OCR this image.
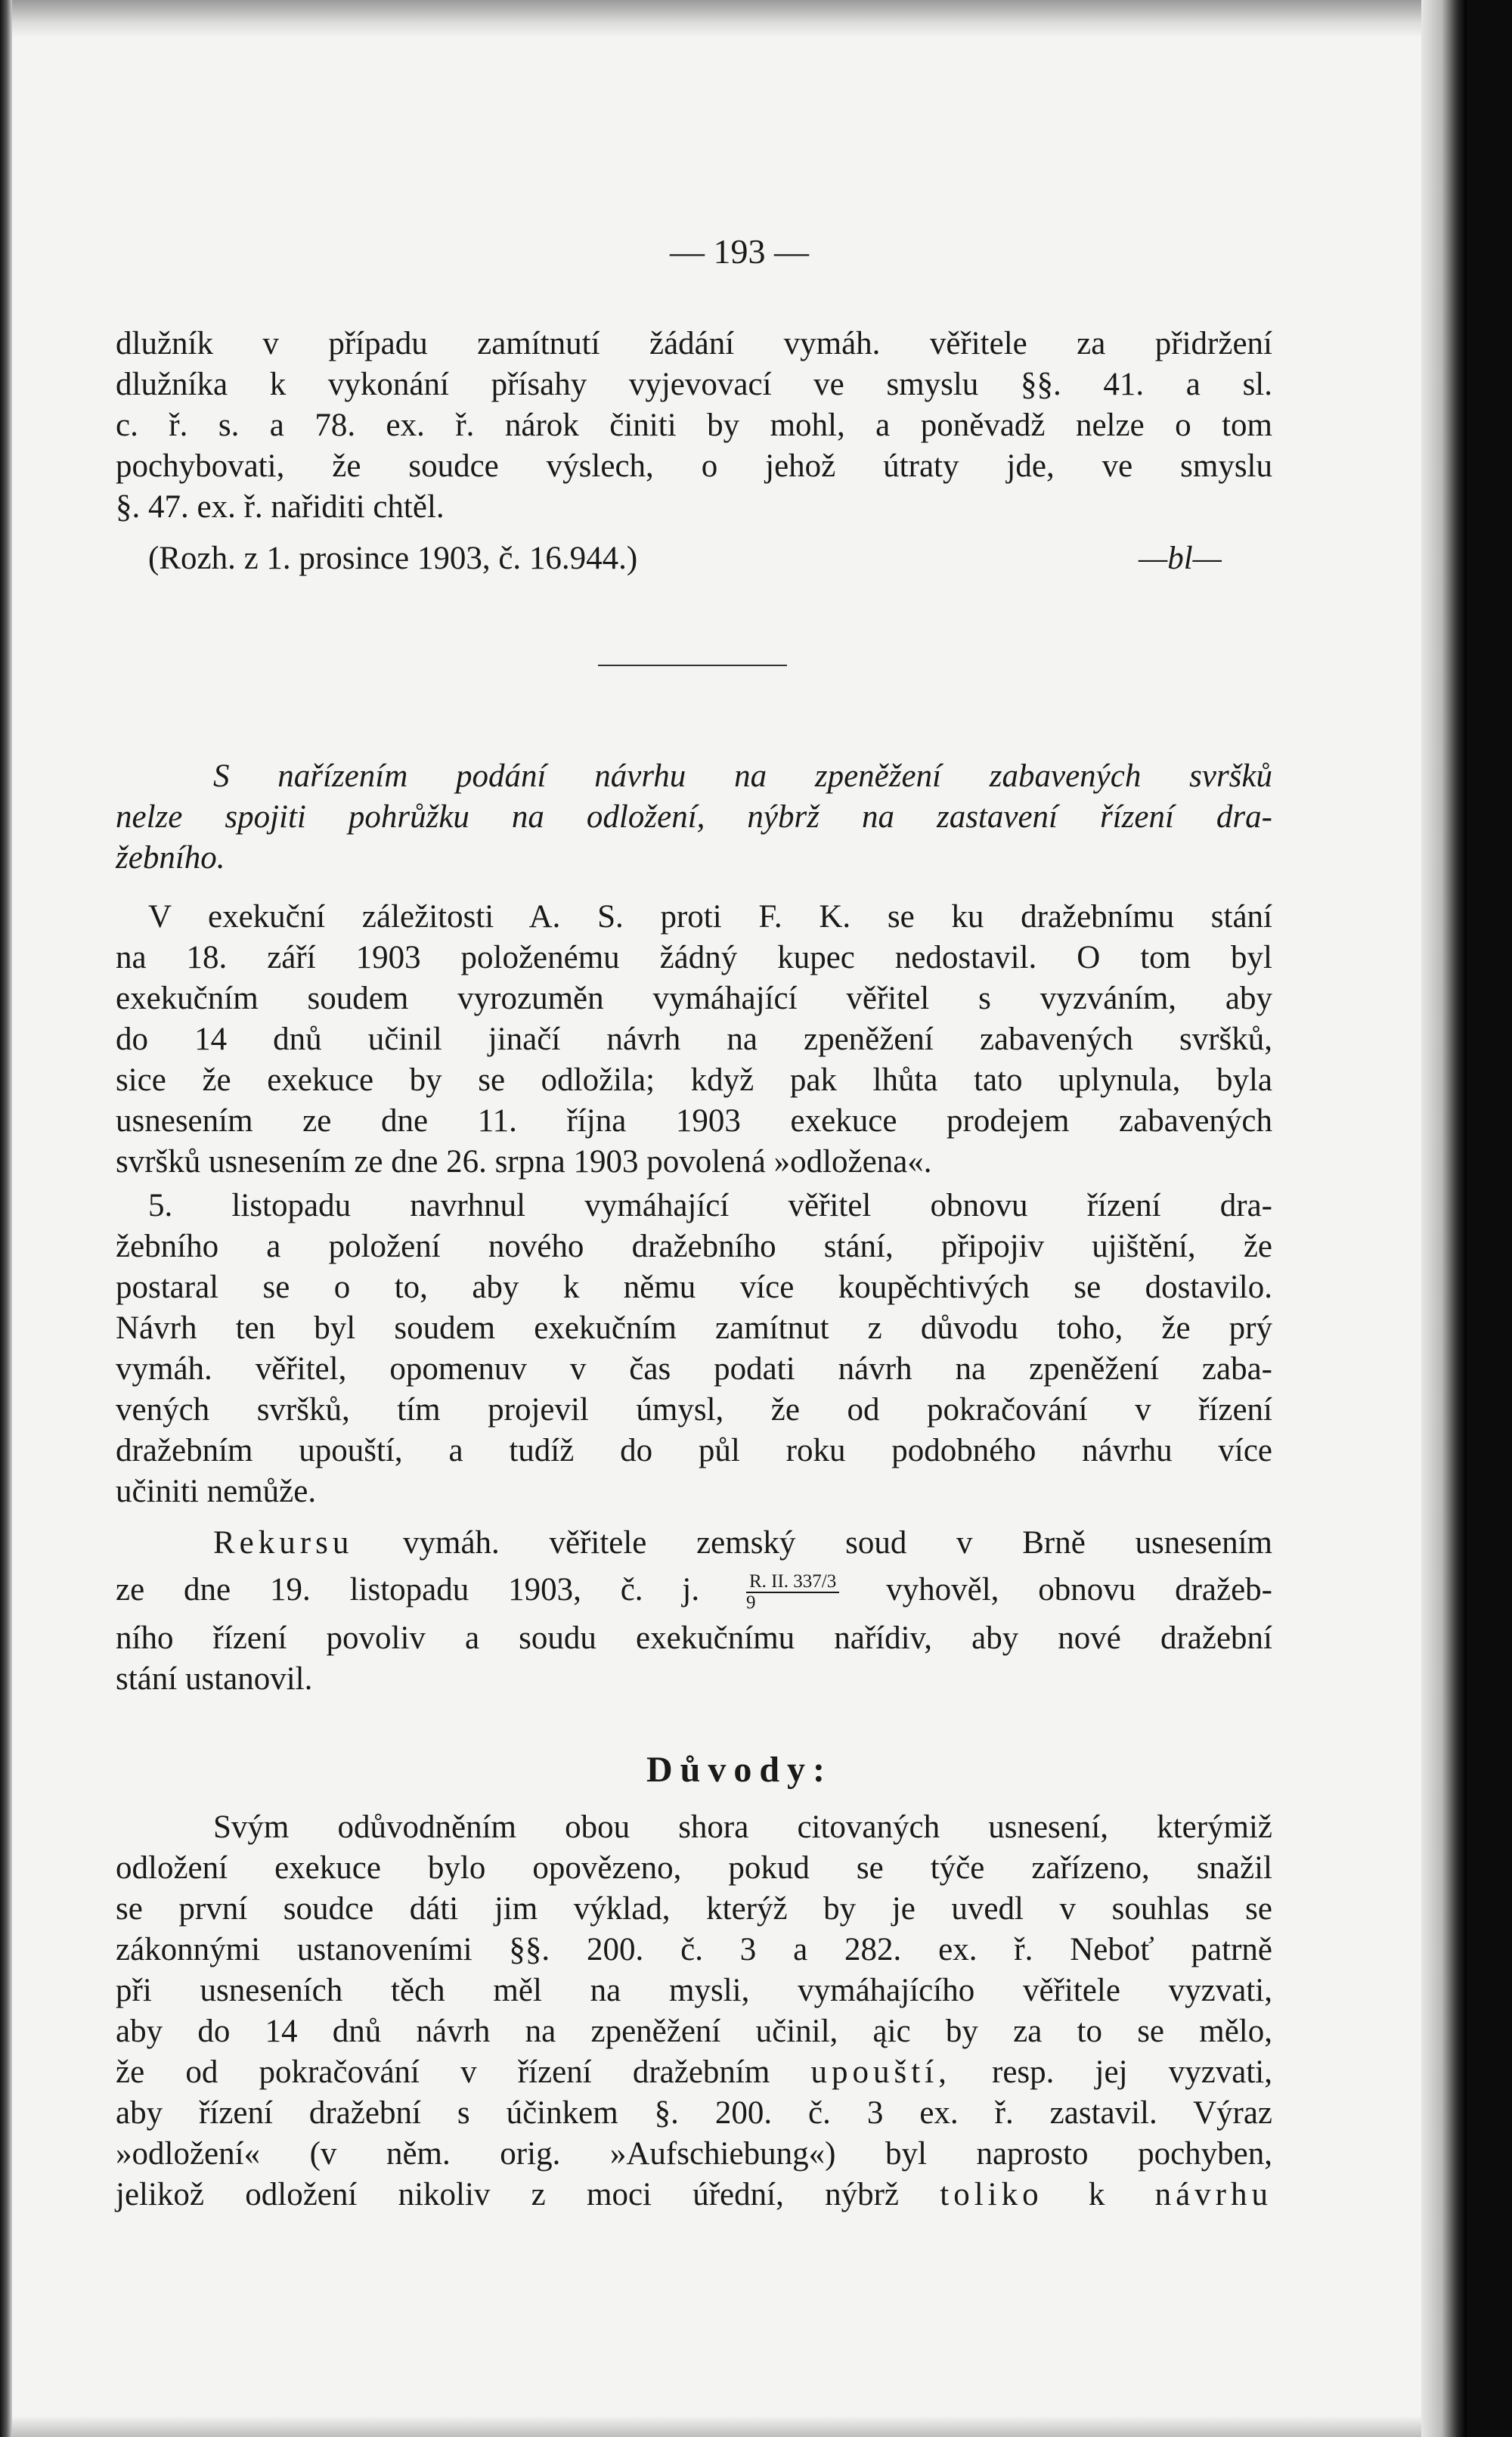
— 193 —
dlužník v případu zamítnutí žádání vymáh. věřitele za přidržení
dlužníka k vykonání přísahy vyjevovací ve smyslu §§. 41. a sl.
c. ř. s. a 78. ex. ř. nárok činiti by mohl, a poněvadž nelze o tom
pochybovati, že soudce výslech, o jehož útraty jde, ve smyslu
§. 47. ex. ř. nařiditi chtěl.
(Rozh. z 1. prosince 1903, č. 16.944.)	—bl—
S nařízením podání návrhu na zpeněžení zabavených svršků
nelze spojiti pohrůžku na odložení, nýbrž na zastavení řízení dra-
žebního.
V exekuční záležitosti A. S. proti F. K. se ku dražebnímu stání
na 18. září 1903 položenému žádný kupec nedostavil. O tom byl
exekučním soudem vyrozuměn vymáhající věřitel s vyzváním, aby
do 14 dnů učinil jinačí návrh na zpeněžení zabavených svršků,
sice že exekuce by se odložila; když pak lhůta tato uplynula, byla
usnesením ze dne 11. října 1903 exekuce prodejem zabavených
svršků usnesením ze dne 26. srpna 1903 povolená »odložena«.
5. listopadu navrhnul vymáhající věřitel obnovu řízení dra-
žebního a položení nového dražebního stání, připojiv ujištění, že
postaral se o to, aby k němu více koupěchtivých se dostavilo.
Návrh ten byl soudem exekučním zamítnut z důvodu toho, že prý
vymáh. věřitel, opomenuv v čas podati návrh na zpeněžení zaba-
vených svršků, tím projevil úmysl, že od pokračování v řízení
dražebním upouští, a tudíž do půl roku podobného návrhu více
učiniti nemůže.
Rekursu vymáh. věřitele zemský soud v Brně usnesením
ze dne 19. listopadu 1903, č. j. $\frac{R. II. 337/3}{9}$ vyhověl, obnovu dražeb-
ního řízení povoliv a soudu exekučnímu nařídiv, aby nové dražební
stání ustanovil.
Důvody:
Svým odůvodněním obou shora citovaných usnesení, kterýmiž
odložení exekuce bylo opovězeno, pokud se týče zařízeno, snažil
se první soudce dáti jim výklad, kterýž by je uvedl v souhlas se
zákonnými ustanoveními §§. 200. č. 3 a 282. ex. ř. Neboť patrně
při usneseních těch měl na mysli, vymáhajícího věřitele vyzvati,
aby do 14 dnů návrh na zpeněžení učinil, ąic by za to se mělo,
že od pokračování v řízení dražebním upouští, resp. jej vyzvati,
aby řízení dražební s účinkem §. 200. č. 3 ex. ř. zastavil. Výraz
»odložení« (v něm. orig. »Aufschiebung«) byl naprosto pochyben,
jelikož odložení nikoliv z moci úřední, nýbrž toliko k návrhu
